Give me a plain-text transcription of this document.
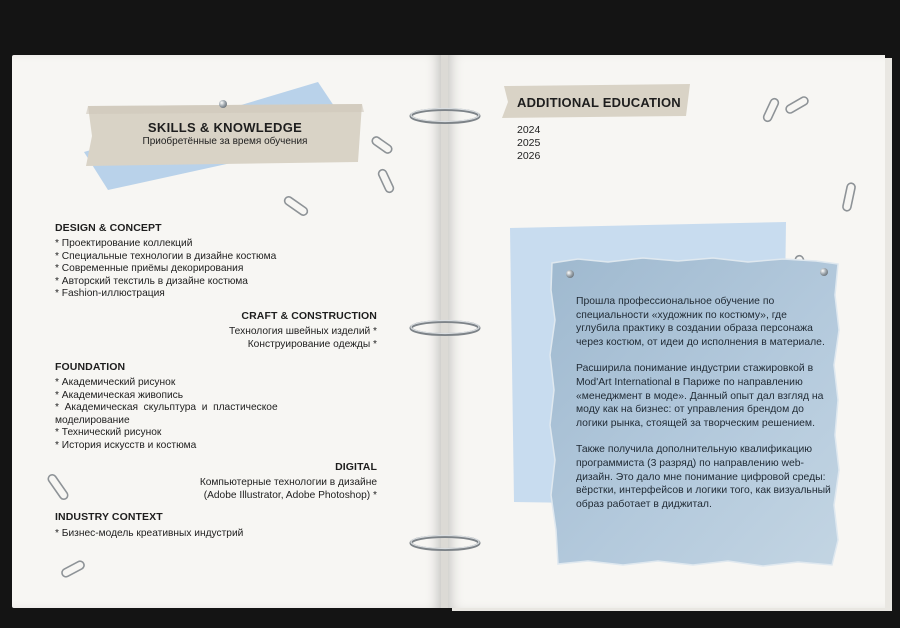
SKILLS & KNOWLEDGE
Приобретённые за время обучения
DESIGN & CONCEPT
* Проектирование коллекций
* Специальные технологии в дизайне костюма
* Современные приёмы декорирования
* Авторский текстиль в дизайне костюма
* Fashion-иллюстрация
CRAFT & CONSTRUCTION
Технология швейных изделий *
Конструирование одежды *
FOUNDATION
* Академический рисунок
* Академическая живопись
*  Академическая  скульптура  и  пластическое
моделирование
* Технический рисунок
* История искусств и костюма
DIGITAL
Компьютерные технологии в дизайне
(Adobe Illustrator, Adobe Photoshop) *
INDUSTRY CONTEXT
* Бизнес-модель креативных индустрий
ADDITIONAL EDUCATION
2024
2025
2026

Прошла профессиональное обучение по специальности «художник по костюму», где углубила практику в создании образа персонажа через костюм, от идеи до исполнения в материале.

Расширила понимание индустрии стажировкой в Mod'Art International в Париже по направлению «менеджмент в моде». Данный опыт дал взгляд на моду как на бизнес: от управления брендом до логики рынка, стоящей за творческим решением.

Также получила дополнительную квалификацию программиста (3 разряд) по направлению web-дизайн. Это дало мне понимание цифровой среды: вёрстки, интерфейсов и логики того, как визуальный образ работает в диджитал.
